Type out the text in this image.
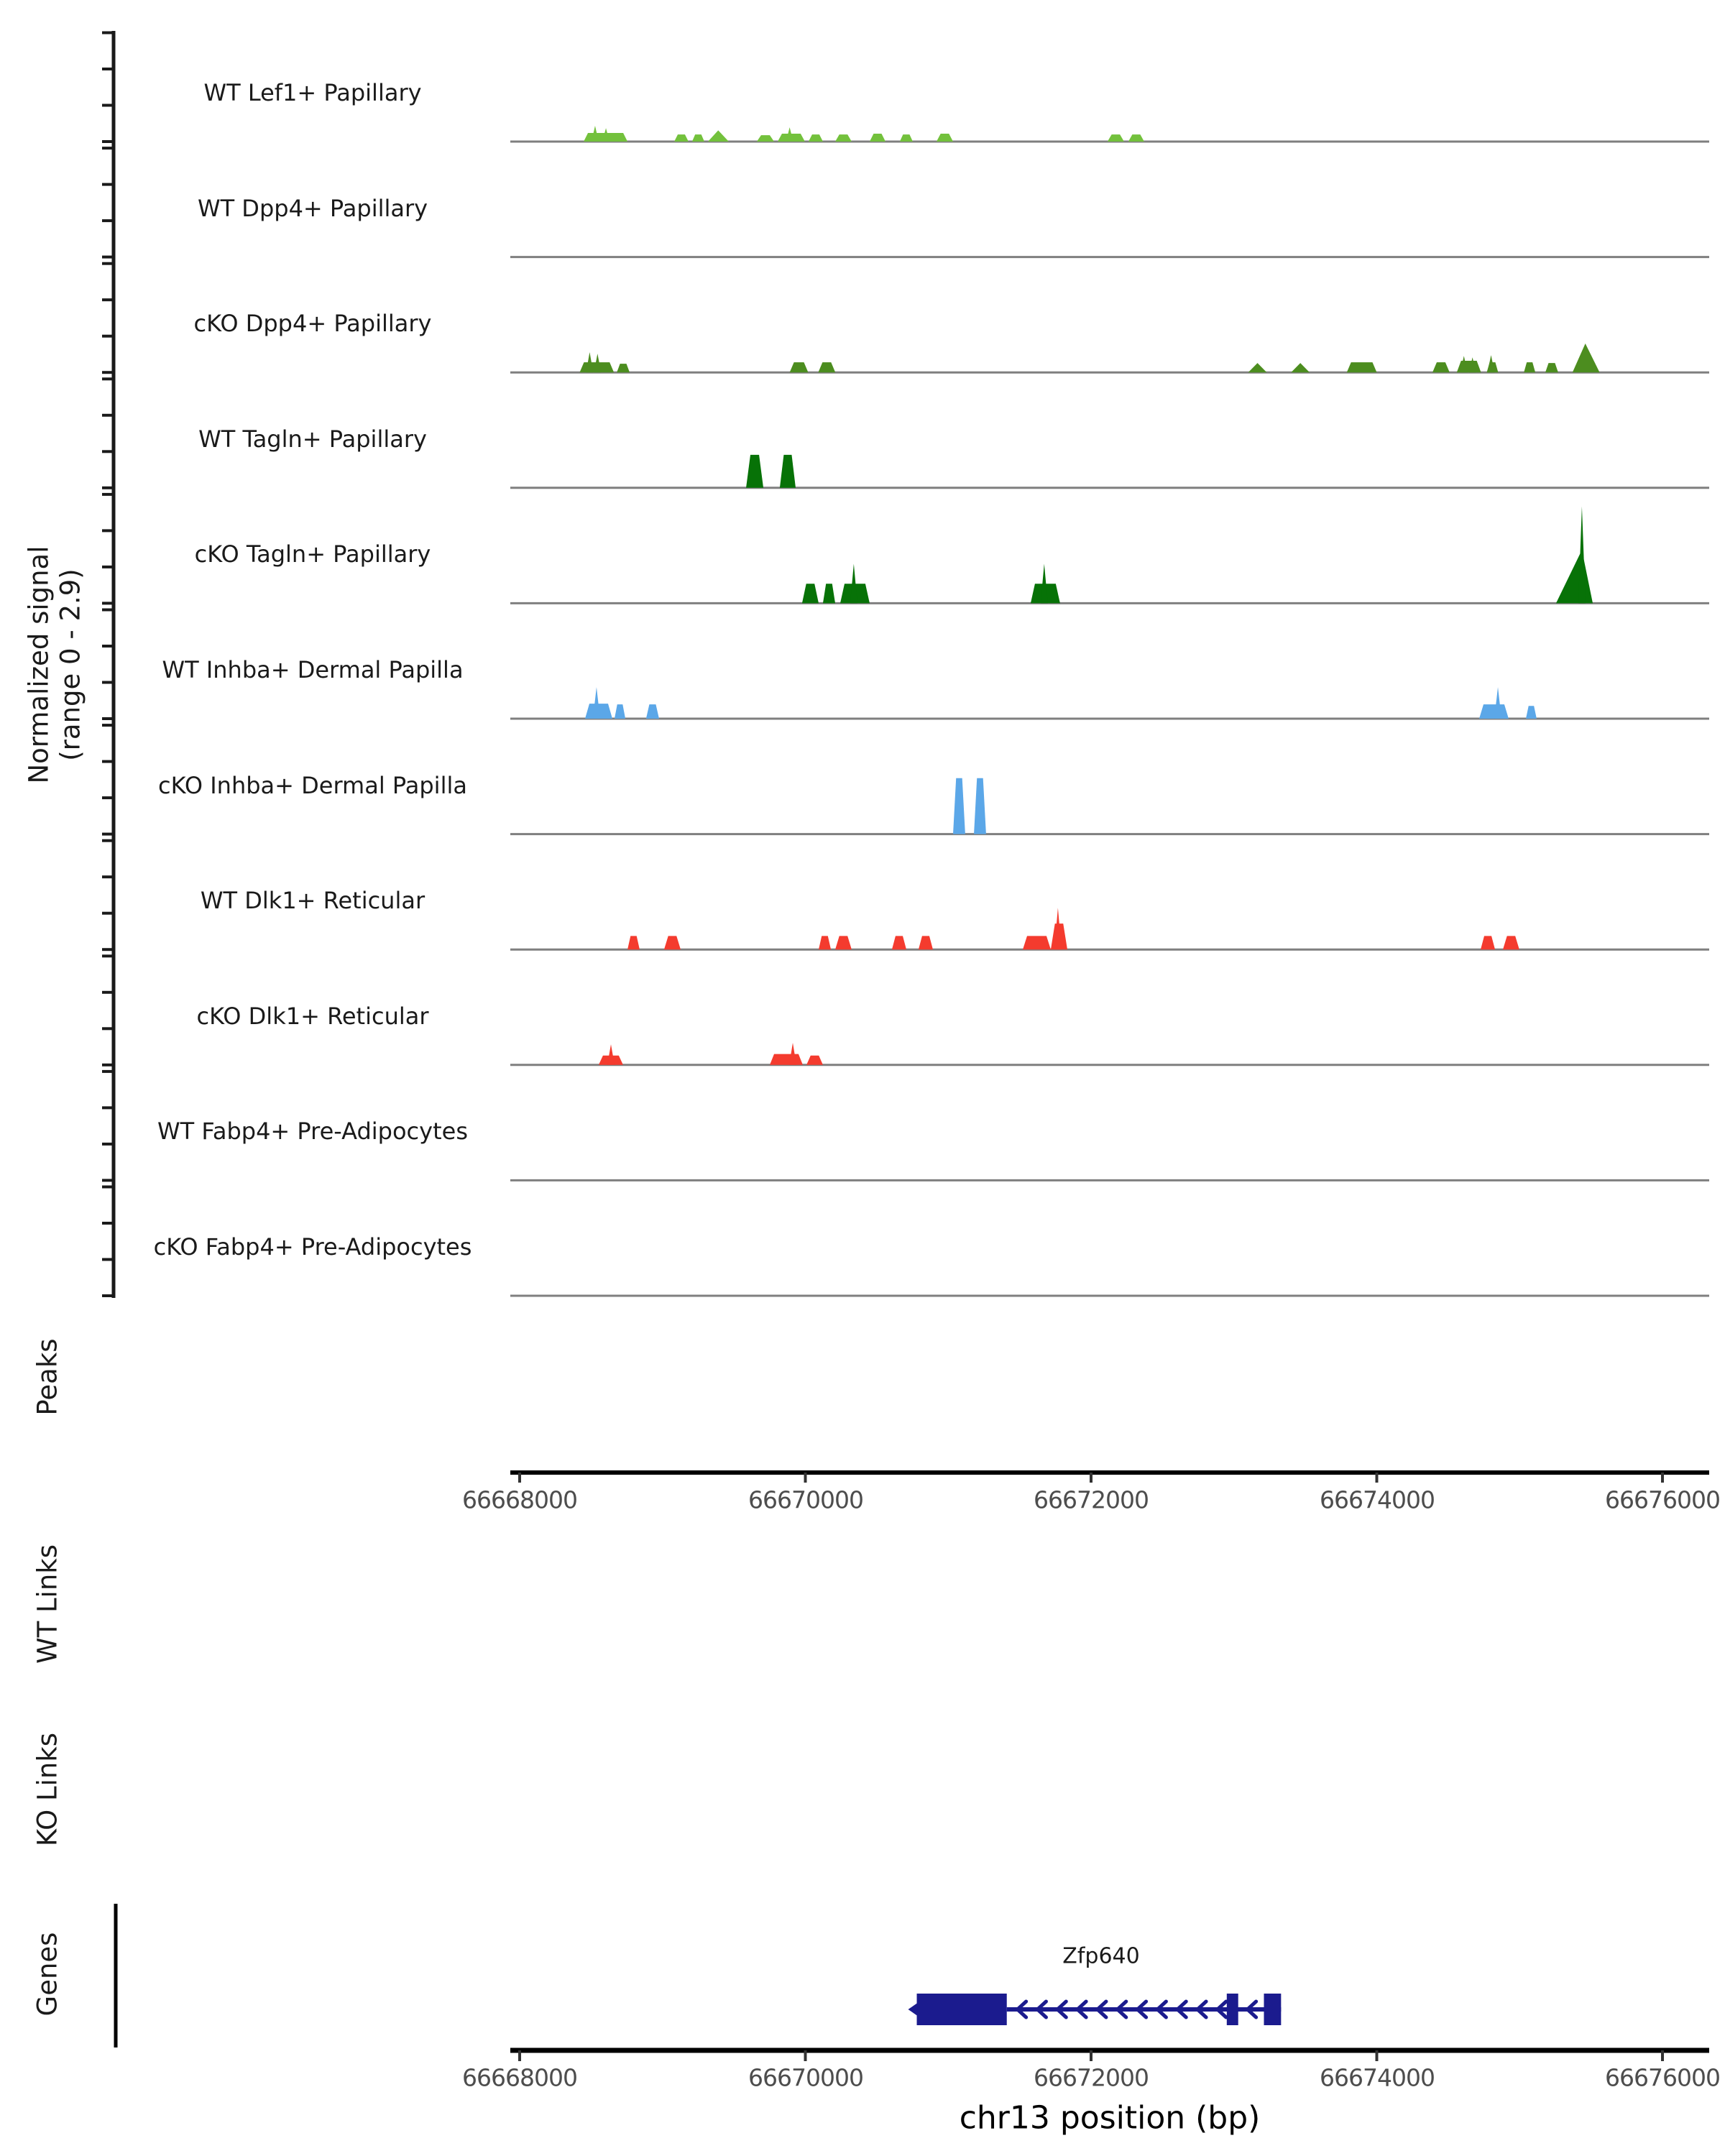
Normalized signal (range 0 - 2.9)
WT Lef1+ Papillary
WT Dpp4+ Papillary
cKO Dpp4+ Papillary
WT Tagln+ Papillary
cKO Tagln+ Papillary
WT Inhba+ Dermal Papilla
cKO Inhba+ Dermal Papilla
WT Dlk1+ Reticular
cKO Dlk1+ Reticular
WT Fabp4+ Pre-Adipocytes
cKO Fabp4+ Pre-Adipocytes
Peaks
WT Links
KO Links
Genes
66668000	66670000	66672000	66674000	66676000
Zfp640
66668000	66670000	66672000	66674000	66676000
chr13 position (bp)
